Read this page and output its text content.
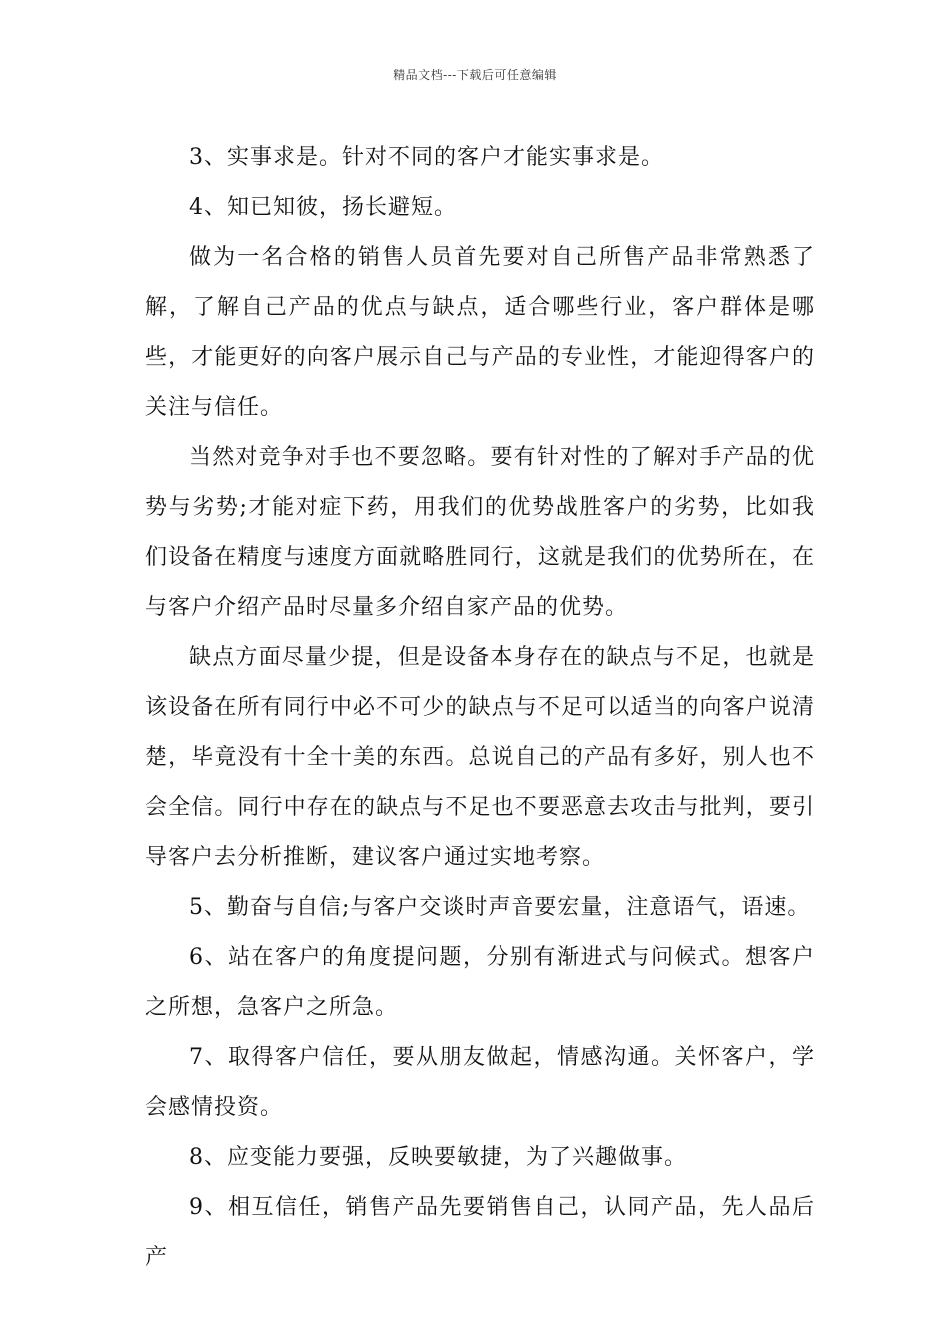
精品文档---下载后可任意编辑

3、实事求是。针对不同的客户才能实事求是。

4、知已知彼，扬长避短。

做为一名合格的销售人员首先要对自己所售产品非常熟悉了解，了解自己产品的优点与缺点，适合哪些行业，客户群体是哪些，才能更好的向客户展示自己与产品的专业性，才能迎得客户的关注与信任。

当然对竞争对手也不要忽略。要有针对性的了解对手产品的优势与劣势;才能对症下药，用我们的优势战胜客户的劣势，比如我们设备在精度与速度方面就略胜同行，这就是我们的优势所在，在与客户介绍产品时尽量多介绍自家产品的优势。

缺点方面尽量少提，但是设备本身存在的缺点与不足，也就是该设备在所有同行中必不可少的缺点与不足可以适当的向客户说清楚，毕竟没有十全十美的东西。总说自己的产品有多好，别人也不会全信。同行中存在的缺点与不足也不要恶意去攻击与批判，要引导客户去分析推断，建议客户通过实地考察。

5、勤奋与自信;与客户交谈时声音要宏量，注意语气，语速。

6、站在客户的角度提问题，分别有渐进式与问候式。想客户之所想，急客户之所急。

7、取得客户信任，要从朋友做起，情感沟通。关怀客户，学会感情投资。

8、应变能力要强，反映要敏捷，为了兴趣做事。

9、相互信任，销售产品先要销售自己，认同产品，先人品后产
